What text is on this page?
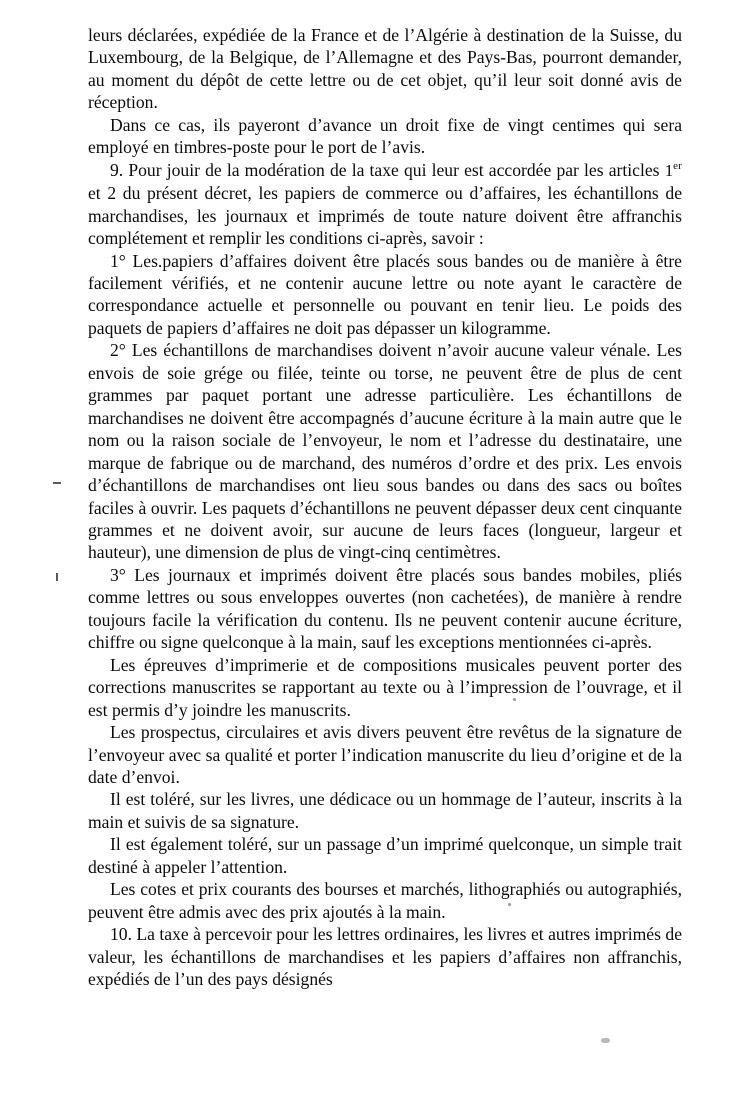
leurs déclarées, expédiée de la France et de l’Algérie à destination de la Suisse, du Luxembourg, de la Belgique, de l’Allemagne et des Pays-Bas, pourront demander, au moment du dépôt de cette lettre ou de cet objet, qu’il leur soit donné avis de réception.

Dans ce cas, ils payeront d’avance un droit fixe de vingt centimes qui sera employé en timbres-poste pour le port de l’avis.

9. Pour jouir de la modération de la taxe qui leur est accordée par les articles 1er et 2 du présent décret, les papiers de commerce ou d’affaires, les échantillons de marchandises, les journaux et imprimés de toute nature doivent être affranchis complétement et remplir les conditions ci-après, savoir :

1° Les.papiers d’affaires doivent être placés sous bandes ou de manière à être facilement vérifiés, et ne contenir aucune lettre ou note ayant le caractère de correspondance actuelle et personnelle ou pouvant en tenir lieu. Le poids des paquets de papiers d’affaires ne doit pas dépasser un kilogramme.

2° Les échantillons de marchandises doivent n’avoir aucune valeur vénale. Les envois de soie grége ou filée, teinte ou torse, ne peuvent être de plus de cent grammes par paquet portant une adresse particulière. Les échantillons de marchandises ne doivent être accompagnés d’aucune écriture à la main autre que le nom ou la raison sociale de l’envoyeur, le nom et l’adresse du destinataire, une marque de fabrique ou de marchand, des numéros d’ordre et des prix. Les envois d’échantillons de marchandises ont lieu sous bandes ou dans des sacs ou boîtes faciles à ouvrir. Les paquets d’échantillons ne peuvent dépasser deux cent cinquante grammes et ne doivent avoir, sur aucune de leurs faces (longueur, largeur et hauteur), une dimension de plus de vingt-cinq centimètres.

3° Les journaux et imprimés doivent être placés sous bandes mobiles, pliés comme lettres ou sous enveloppes ouvertes (non cachetées), de manière à rendre toujours facile la vérification du contenu. Ils ne peuvent contenir aucune écriture, chiffre ou signe quelconque à la main, sauf les exceptions mentionnées ci-après.

Les épreuves d’imprimerie et de compositions musicales peuvent porter des corrections manuscrites se rapportant au texte ou à l’impression de l’ouvrage, et il est permis d’y joindre les manuscrits.

Les prospectus, circulaires et avis divers peuvent être revêtus de la signature de l’envoyeur avec sa qualité et porter l’indication manuscrite du lieu d’origine et de la date d’envoi.

Il est toléré, sur les livres, une dédicace ou un hommage de l’auteur, inscrits à la main et suivis de sa signature.

Il est également toléré, sur un passage d’un imprimé quelconque, un simple trait destiné à appeler l’attention.

Les cotes et prix courants des bourses et marchés, lithographiés ou autographiés, peuvent être admis avec des prix ajoutés à la main.

10. La taxe à percevoir pour les lettres ordinaires, les livres et autres imprimés de valeur, les échantillons de marchandises et les papiers d’affaires non affranchis, expédiés de l’un des pays désignés
